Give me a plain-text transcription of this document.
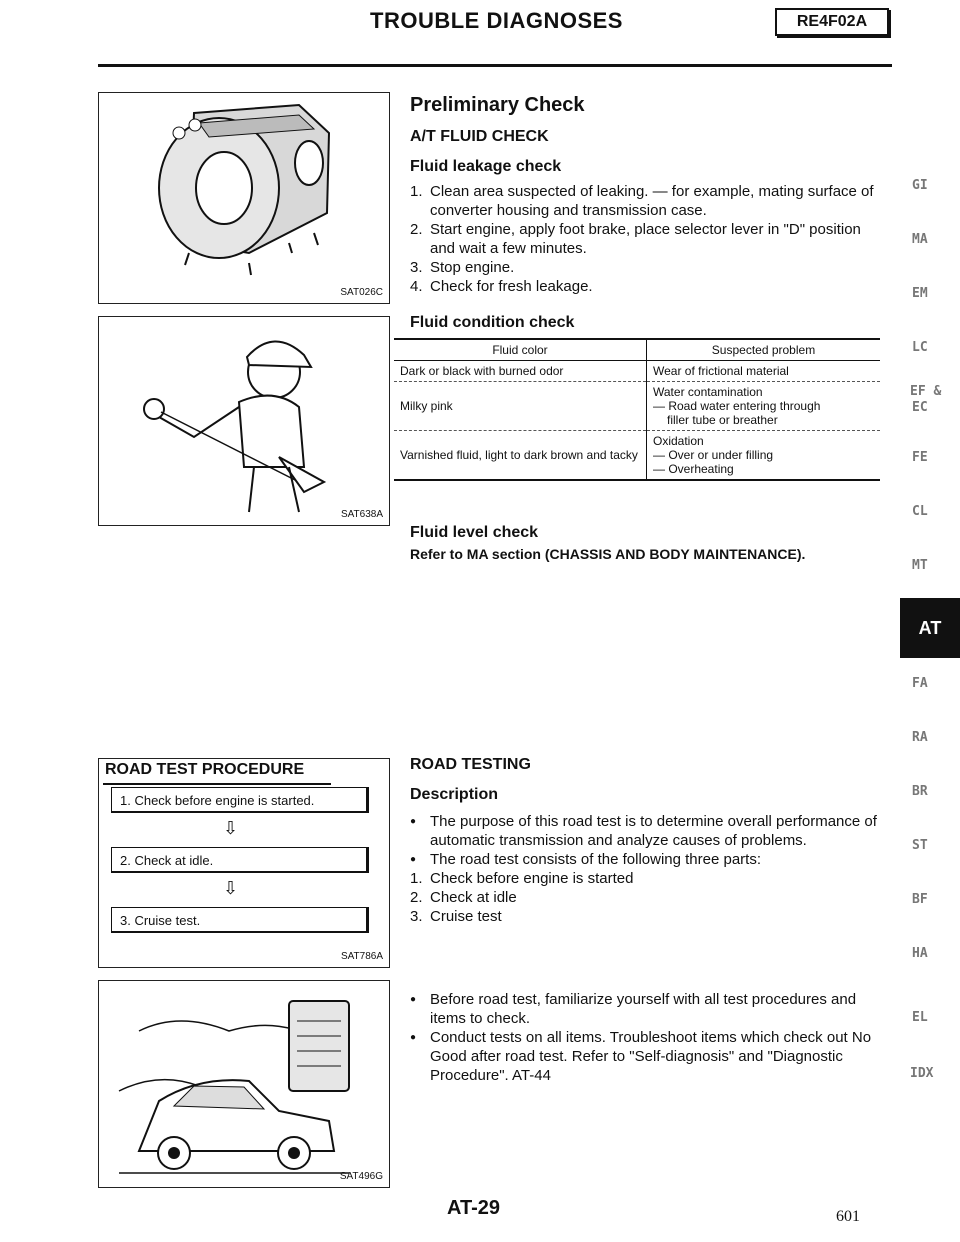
TROUBLE DIAGNOSES	RE4F02A
SAT026C
SAT638A
Preliminary Check
A/T FLUID CHECK
Fluid leakage check
1. Clean area suspected of leaking. — for example, mating surface of converter housing and transmission case.
2. Start engine, apply foot brake, place selector lever in "D" position and wait a few minutes.
3. Stop engine.
4. Check for fresh leakage.
Fluid condition check
Fluid color	Suspected problem
Dark or black with burned odor	Wear of frictional material

Milky pink	Water contamination
— Road water entering through
filler tube or breather

Varnished fluid, light to dark brown and tacky	Oxidation
— Over or under filling
— Overheating
Fluid level check
Refer to MA section (CHASSIS AND BODY MAINTENANCE).
ROAD TEST PROCEDURE
1. Check before engine is started.
⇩
2. Check at idle.
⇩
3. Cruise test.
SAT786A
SAT496G
ROAD TESTING
Description
● The purpose of this road test is to determine overall performance of automatic transmission and analyze causes of problems.
● The road test consists of the following three parts:
1. Check before engine is started
2. Check at idle
3. Cruise test
● Before road test, familiarize yourself with all test procedures and items to check.
● Conduct tests on all items. Troubleshoot items which check out No Good after road test. Refer to "Self-diagnosis" and "Diagnostic Procedure". AT-44
GI
MA
EM
LC
EF &
EC
FE
CL
MT
AT
FA
RA
BR
ST
BF
HA
EL
IDX
AT-29	601
